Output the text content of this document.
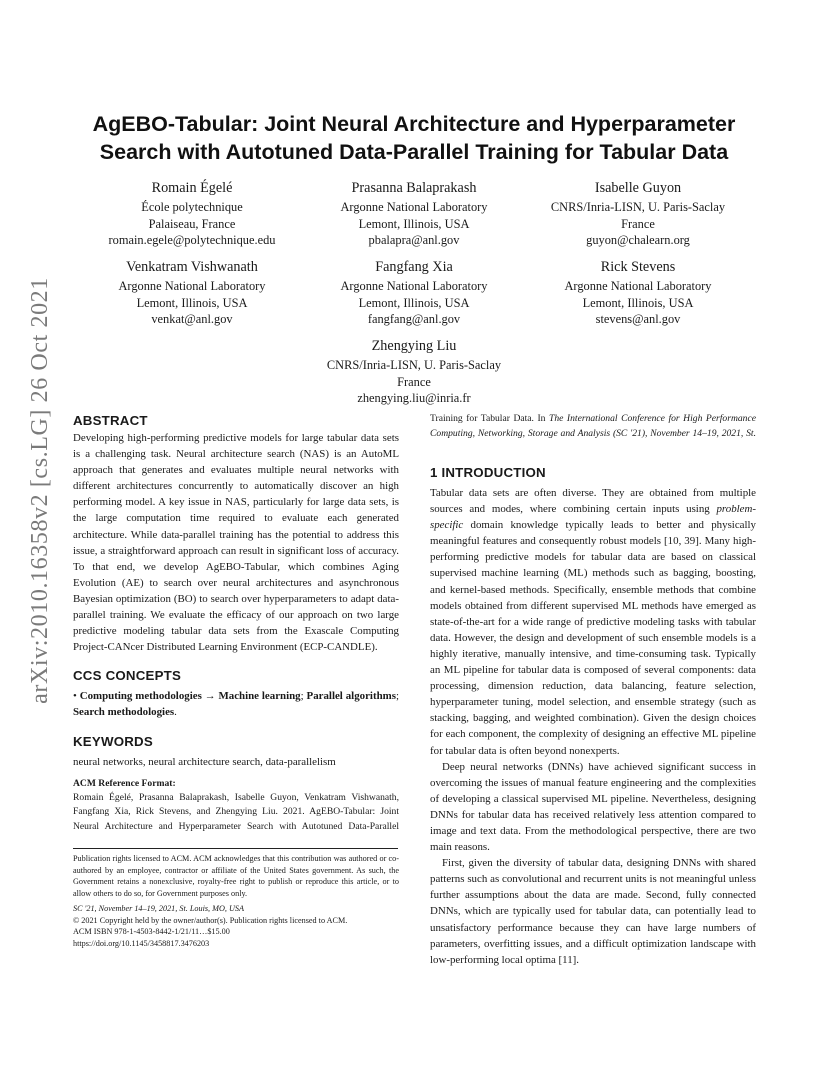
arXiv:2010.16358v2 [cs.LG] 26 Oct 2021
AgEBO-Tabular: Joint Neural Architecture and Hyperparameter
Search with Autotuned Data-Parallel Training for Tabular Data
Romain Égelé
École polytechnique
Palaiseau, France
romain.egele@polytechnique.edu
Prasanna Balaprakash
Argonne National Laboratory
Lemont, Illinois, USA
pbalapra@anl.gov
Isabelle Guyon
CNRS/Inria-LISN, U. Paris-Saclay
France
guyon@chalearn.org
Venkatram Vishwanath
Argonne National Laboratory
Lemont, Illinois, USA
venkat@anl.gov
Fangfang Xia
Argonne National Laboratory
Lemont, Illinois, USA
fangfang@anl.gov
Rick Stevens
Argonne National Laboratory
Lemont, Illinois, USA
stevens@anl.gov
Zhengying Liu
CNRS/Inria-LISN, U. Paris-Saclay
France
zhengying.liu@inria.fr
ABSTRACT

Developing high-performing predictive models for large tabular data sets is a challenging task. Neural architecture search (NAS) is an AutoML approach that generates and evaluates multiple neural networks with different architectures concurrently to automatically discover an high performing model. A key issue in NAS, particularly for large data sets, is the large computation time required to evaluate each generated architecture. While data-parallel training has the potential to address this issue, a straightforward approach can result in significant loss of accuracy. To that end, we develop AgEBO-Tabular, which combines Aging Evolution (AE) to search over neural architectures and asynchronous Bayesian optimization (BO) to search over hyperparameters to adapt data-parallel training. We evaluate the efficacy of our approach on two large predictive modeling tabular data sets from the Exascale Computing Project-CANcer Distributed Learning Environment (ECP-CANDLE).

CCS CONCEPTS

• Computing methodologies → Machine learning; Parallel algorithms; Search methodologies.

KEYWORDS

neural networks, neural architecture search, data-parallelism

ACM Reference Format:

Romain Égelé, Prasanna Balaprakash, Isabelle Guyon, Venkatram Vishwanath, Fangfang Xia, Rick Stevens, and Zhengying Liu. 2021. AgEBO-Tabular: Joint Neural Architecture and Hyperparameter Search with Autotuned Data-Parallel

Publication rights licensed to ACM. ACM acknowledges that this contribution was authored or co-authored by an employee, contractor or affiliate of the United States government. As such, the Government retains a nonexclusive, royalty-free right to publish or reproduce this article, or to allow others to do so, for Government purposes only.

SC '21, November 14–19, 2021, St. Louis, MO, USA

© 2021 Copyright held by the owner/author(s). Publication rights licensed to ACM.

ACM ISBN 978-1-4503-8442-1/21/11…$15.00

https://doi.org/10.1145/3458817.3476203

Training for Tabular Data. In The International Conference for High Performance Computing, Networking, Storage and Analysis (SC '21), November 14–19, 2021, St.

1 INTRODUCTION

Tabular data sets are often diverse. They are obtained from multiple sources and modes, where combining certain inputs using problem-specific domain knowledge typically leads to better and physically meaningful features and consequently robust models [10, 39]. Many high-performing predictive models for tabular data are based on classical supervised machine learning (ML) methods such as bagging, boosting, and kernel-based methods. Specifically, ensemble methods that combine models obtained from different supervised ML methods have emerged as state-of-the-art for a wide range of predictive modeling tasks with tabular data. However, the design and development of such ensemble models is a highly iterative, manually intensive, and time-consuming task. Typically an ML pipeline for tabular data is composed of several components: data processing, dimension reduction, data balancing, feature selection, hyperparameter tuning, model selection, and ensemble strategy (such as stacking, bagging, and weighted combination). Given the design choices for each component, the complexity of designing an effective ML pipeline for tabular data is often beyond nonexperts.

Deep neural networks (DNNs) have achieved significant success in overcoming the issues of manual feature engineering and the complexities of developing a classical supervised ML pipeline. Nevertheless, designing DNNs for tabular data has received relatively less attention compared to image and text data. From the methodological perspective, there are two main reasons.

First, given the diversity of tabular data, designing DNNs with shared patterns such as convolutional and recurrent units is not meaningful unless further assumptions about the data are made. Second, fully connected DNNs, which are typically used for tabular data, can potentially lead to unsatisfactory performance because they can have large numbers of parameters, overfitting issues, and a difficult optimization landscape with low-performing local optima [11].
